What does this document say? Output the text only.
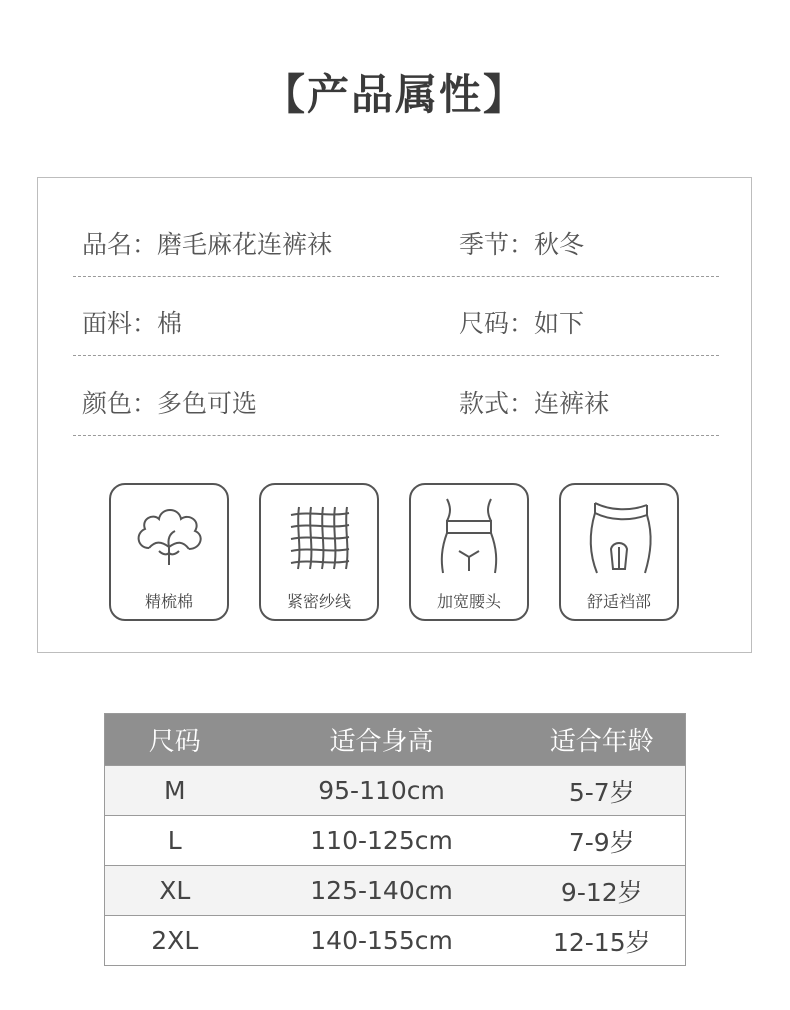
【产品属性】
品名：磨毛麻花连裤袜	季节：秋冬
面料：棉	尺码：如下
颜色：多色可选	款式：连裤袜
精梳棉	紧密纱线	加宽腰头	舒适裆部
尺码	适合身高	适合年龄
M	95-110cm	5-7岁
L	110-125cm	7-9岁
XL	125-140cm	9-12岁
2XL	140-155cm	12-15岁
